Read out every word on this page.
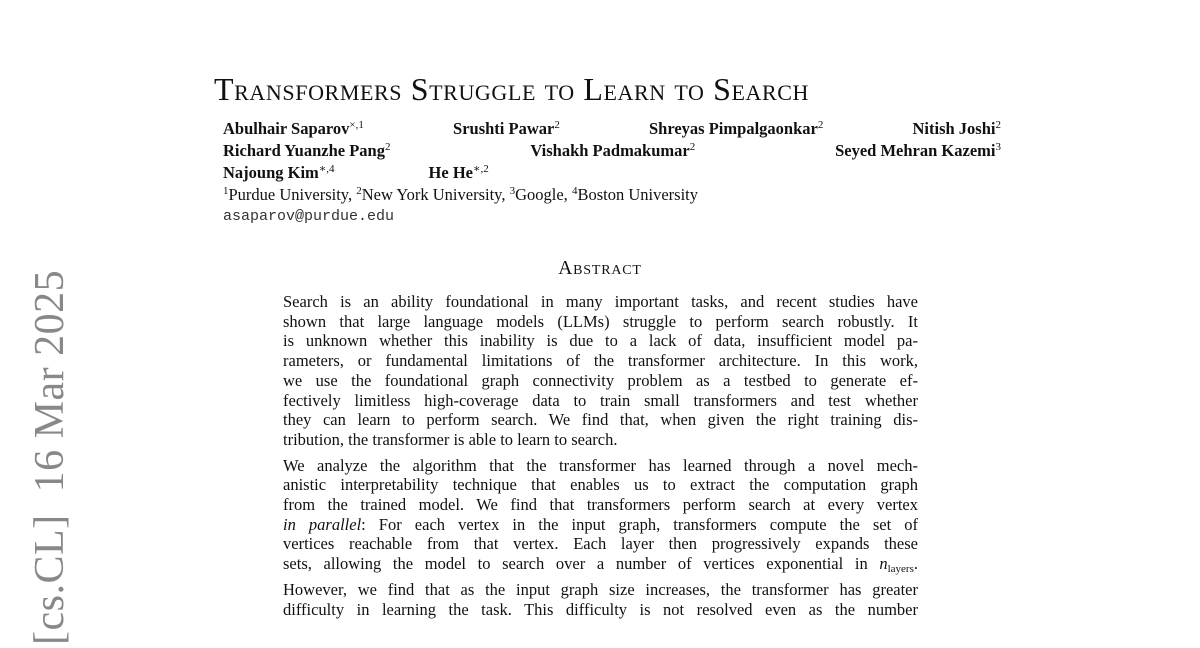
[cs.CL]16 Mar 2025
Transformers Struggle to Learn to Search
Abulhair Saparov$^{\times,1}$	Srushti Pawar$^2$	Shreyas Pimpalgaonkar$^2$	Nitish Joshi$^2$
Richard Yuanzhe Pang$^2$	Vishakh Padmakumar$^2$	Seyed Mehran Kazemi$^3$
Najoung Kim$^{∗,4}$	He $He^{∗,2}$
$^1$Purdue University, $^2$New York University, $^3$Google, $^4$Boston University
asaparov@purdue.edu
Abstract

Search is an ability foundational in many important tasks, and recent studies have
shown that large language models (LLMs) struggle to perform search robustly. It
is unknown whether this inability is due to a lack of data, insufficient model pa-
rameters, or fundamental limitations of the transformer architecture. In this work,
we use the foundational graph connectivity problem as a testbed to generate ef-
fectively limitless high-coverage data to train small transformers and test whether
they can learn to perform search. We find that, when given the right training dis-
tribution, the transformer is able to learn to search.

We analyze the algorithm that the transformer has learned through a novel mech-
anistic interpretability technique that enables us to extract the computation graph
from the trained model. We find that transformers perform search at every vertex
in parallel: For each vertex in the input graph, transformers compute the set of
vertices reachable from that vertex. Each layer then progressively expands these
sets, allowing the model to search over a number of vertices exponential in $n_{layers}$.

However, we find that as the input graph size increases, the transformer has greater
difficulty in learning the task. This difficulty is not resolved even as the number
